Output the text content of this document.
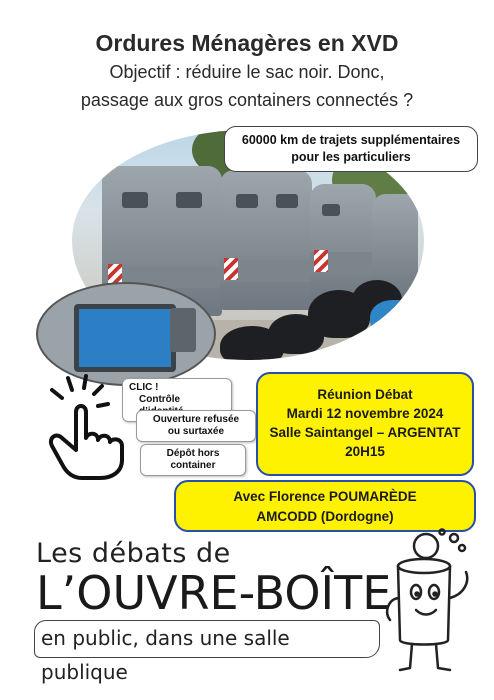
Ordures Ménagères en XVD
Objectif : réduire le sac noir. Donc,
passage aux gros containers connectés ?
60000 km de trajets supplémentaires
pour les particuliers
CLIC !
Contrôle
Ouverture refusée
ou surtaxée
Dépôt hors
container
Réunion Débat
Mardi 12 novembre 2024
Salle Saintangel – ARGENTAT
20H15
Avec Florence POUMARÈDE
AMCODD (Dordogne)
Les débats de
L’OUVRE-BOÎTE
en public, dans une salle publique
